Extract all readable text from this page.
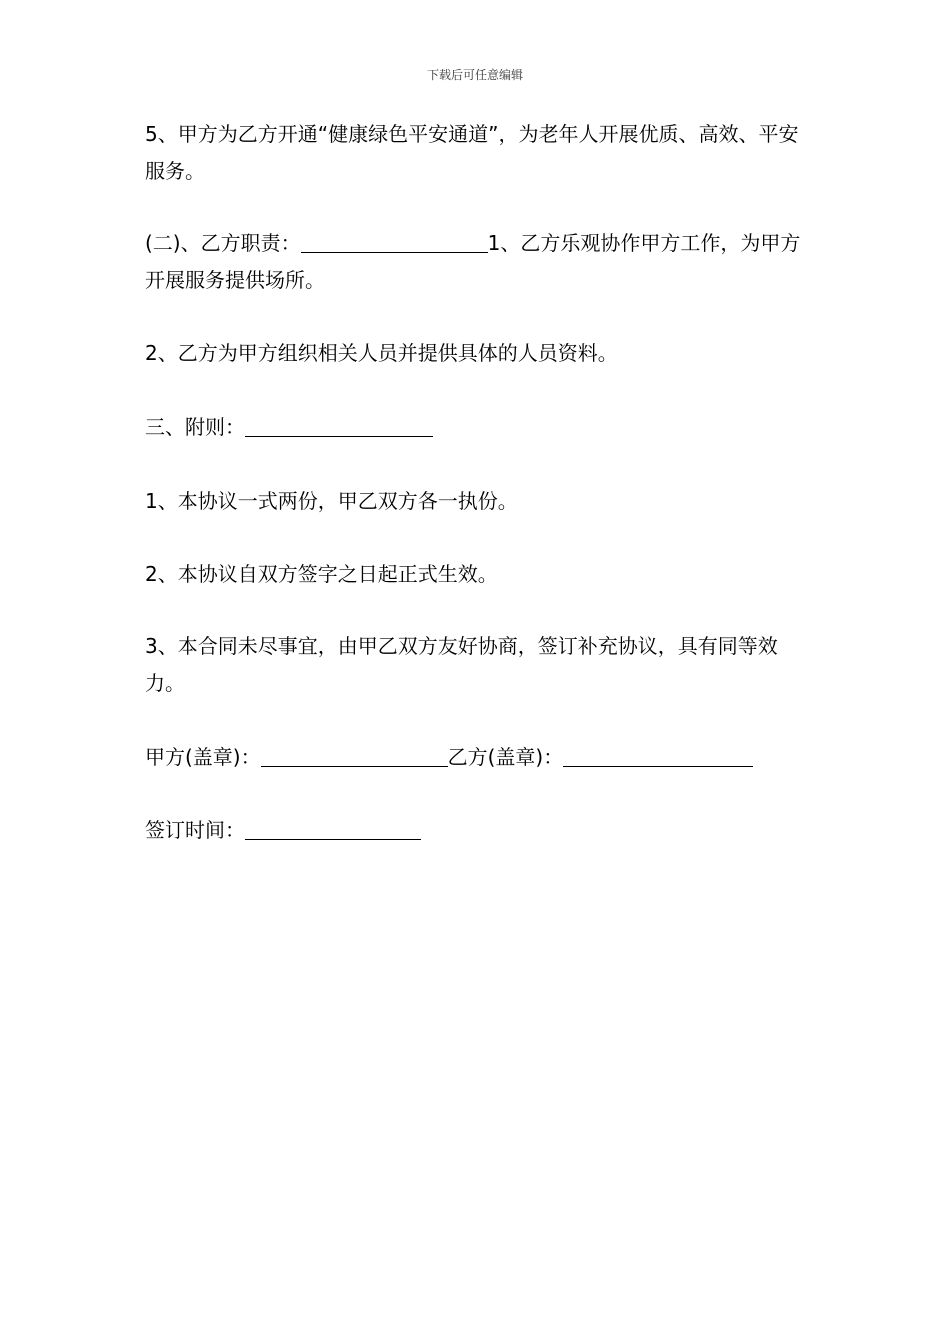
下载后可任意编辑
5、甲方为乙方开通“健康绿色平安通道”，为老年人开展优质、高效、平安服务。
(二)、乙方职责：	1、乙方乐观协作甲方工作，为甲方开展服务提供场所。
2、乙方为甲方组织相关人员并提供具体的人员资料。
三、附则：
1、本协议一式两份，甲乙双方各一执份。
2、本协议自双方签字之日起正式生效。
3、本合同未尽事宜，由甲乙双方友好协商，签订补充协议，具有同等效力。
甲方(盖章)：	乙方(盖章)：
签订时间：
